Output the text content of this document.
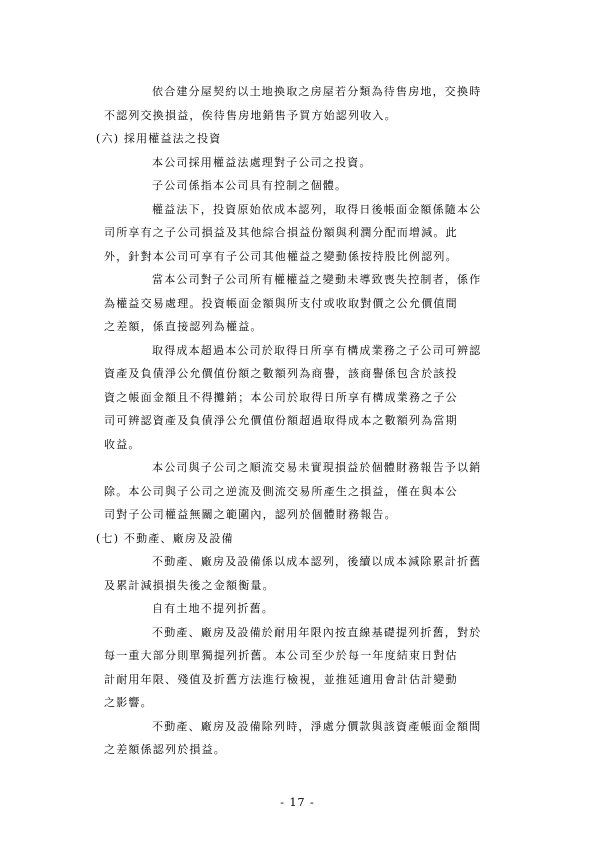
依合建分屋契約以土地換取之房屋若分類為待售房地，交換時
不認列交換損益，俟待售房地銷售予買方始認列收入。

(六) 採用權益法之投資

本公司採用權益法處理對子公司之投資。

子公司係指本公司具有控制之個體。

權益法下，投資原始依成本認列，取得日後帳面金額係隨本公
司所享有之子公司損益及其他綜合損益份額與利潤分配而增減。此
外，針對本公司可享有子公司其他權益之變動係按持股比例認列。

當本公司對子公司所有權權益之變動未導致喪失控制者，係作
為權益交易處理。投資帳面金額與所支付或收取對價之公允價值間
之差額，係直接認列為權益。

取得成本超過本公司於取得日所享有構成業務之子公司可辨認
資產及負債淨公允價值份額之數額列為商譽，該商譽係包含於該投
資之帳面金額且不得攤銷；本公司於取得日所享有構成業務之子公
司可辨認資產及負債淨公允價值份額超過取得成本之數額列為當期
收益。

本公司與子公司之順流交易未實現損益於個體財務報告予以銷
除。本公司與子公司之逆流及側流交易所產生之損益，僅在與本公
司對子公司權益無關之範圍內，認列於個體財務報告。

(七) 不動產、廠房及設備

不動產、廠房及設備係以成本認列，後續以成本減除累計折舊
及累計減損損失後之金額衡量。

自有土地不提列折舊。

不動產、廠房及設備於耐用年限內按直線基礎提列折舊，對於
每一重大部分則單獨提列折舊。本公司至少於每一年度結束日對估
計耐用年限、殘值及折舊方法進行檢視，並推延適用會計估計變動
之影響。

不動產、廠房及設備除列時，淨處分價款與該資產帳面金額間
之差額係認列於損益。

- 17 -
